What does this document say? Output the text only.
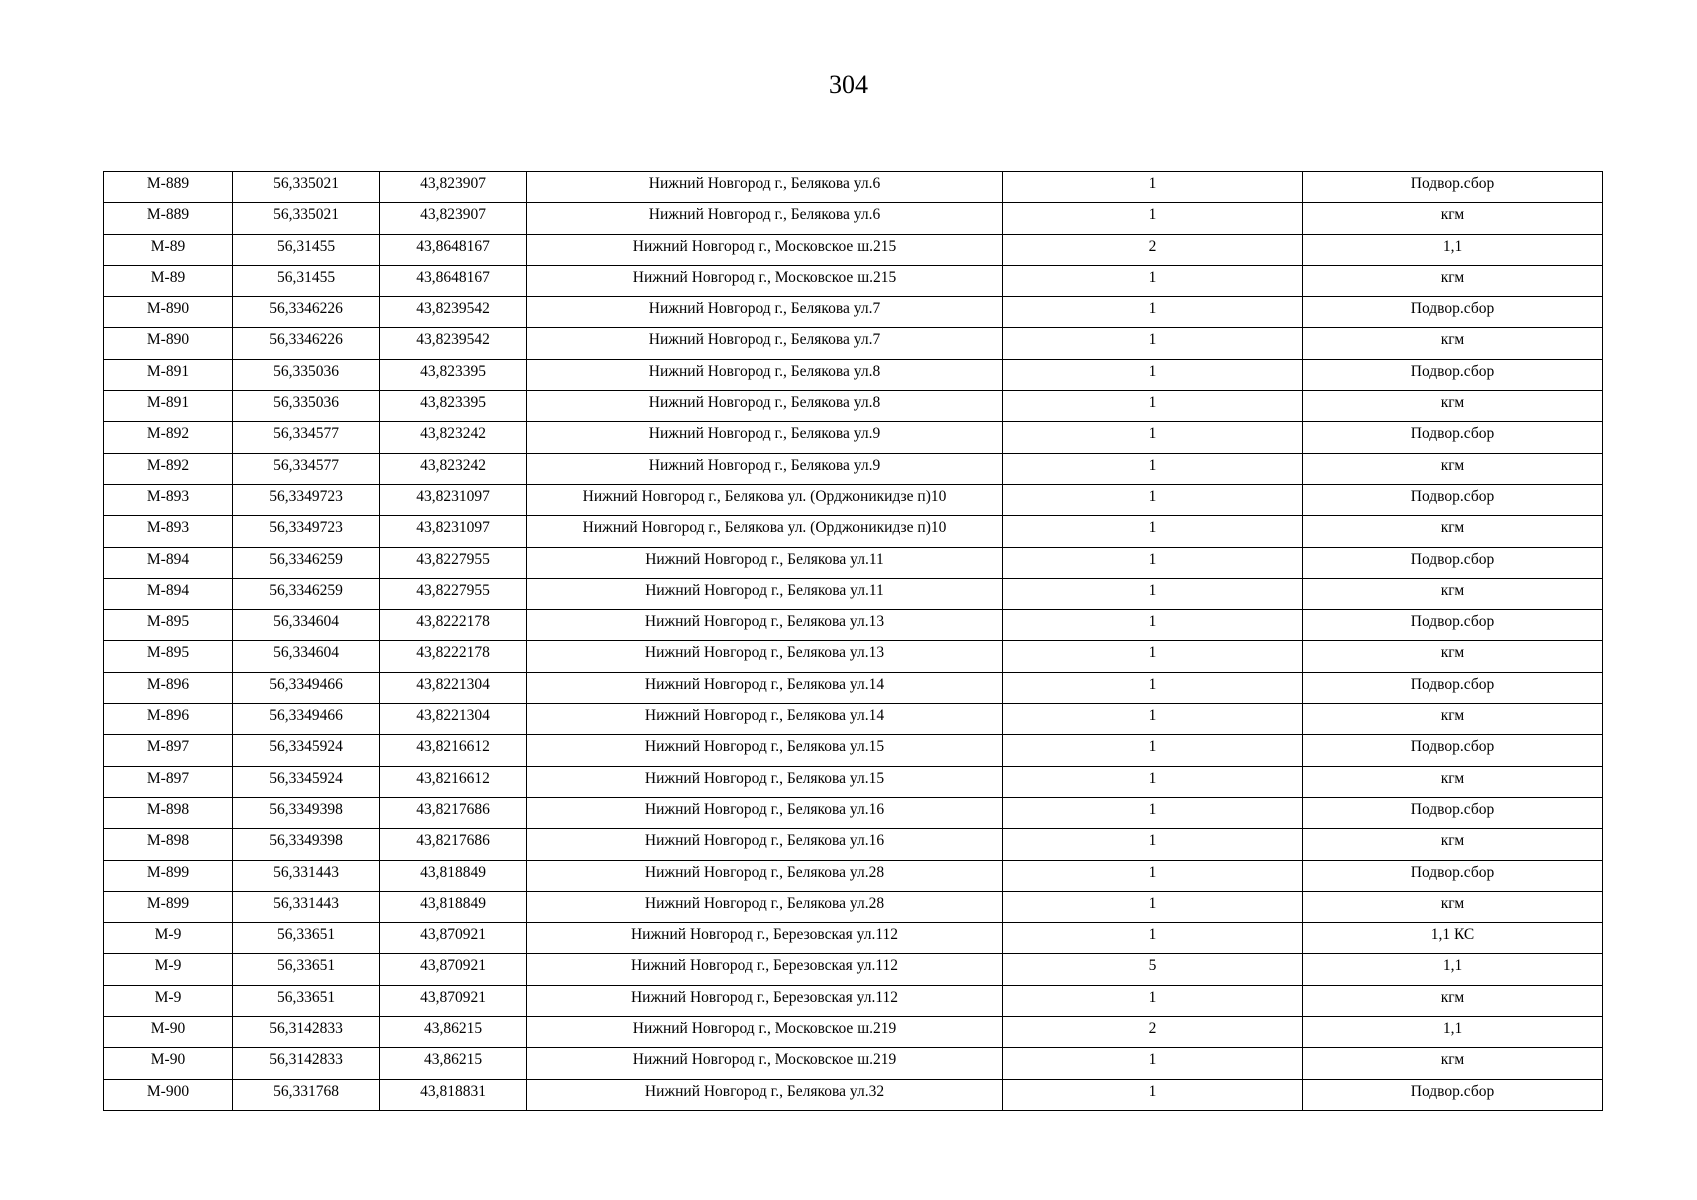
304
М-889	56,335021	43,823907	Нижний Новгород г., Белякова ул.6	1	Подвор.сбор

М-889	56,335021	43,823907	Нижний Новгород г., Белякова ул.6	1	кгм

М-89	56,31455	43,8648167	Нижний Новгород г., Московское ш.215	2	1,1

М-89	56,31455	43,8648167	Нижний Новгород г., Московское ш.215	1	кгм

М-890	56,3346226	43,8239542	Нижний Новгород г., Белякова ул.7	1	Подвор.сбор

М-890	56,3346226	43,8239542	Нижний Новгород г., Белякова ул.7	1	кгм

М-891	56,335036	43,823395	Нижний Новгород г., Белякова ул.8	1	Подвор.сбор

М-891	56,335036	43,823395	Нижний Новгород г., Белякова ул.8	1	кгм

М-892	56,334577	43,823242	Нижний Новгород г., Белякова ул.9	1	Подвор.сбор

М-892	56,334577	43,823242	Нижний Новгород г., Белякова ул.9	1	кгм

М-893	56,3349723	43,8231097	Нижний Новгород г., Белякова ул. (Орджоникидзе п)10	1	Подвор.сбор

М-893	56,3349723	43,8231097	Нижний Новгород г., Белякова ул. (Орджоникидзе п)10	1	кгм

М-894	56,3346259	43,8227955	Нижний Новгород г., Белякова ул.11	1	Подвор.сбор

М-894	56,3346259	43,8227955	Нижний Новгород г., Белякова ул.11	1	кгм

М-895	56,334604	43,8222178	Нижний Новгород г., Белякова ул.13	1	Подвор.сбор

М-895	56,334604	43,8222178	Нижний Новгород г., Белякова ул.13	1	кгм

М-896	56,3349466	43,8221304	Нижний Новгород г., Белякова ул.14	1	Подвор.сбор

М-896	56,3349466	43,8221304	Нижний Новгород г., Белякова ул.14	1	кгм

М-897	56,3345924	43,8216612	Нижний Новгород г., Белякова ул.15	1	Подвор.сбор

М-897	56,3345924	43,8216612	Нижний Новгород г., Белякова ул.15	1	кгм

М-898	56,3349398	43,8217686	Нижний Новгород г., Белякова ул.16	1	Подвор.сбор

М-898	56,3349398	43,8217686	Нижний Новгород г., Белякова ул.16	1	кгм

М-899	56,331443	43,818849	Нижний Новгород г., Белякова ул.28	1	Подвор.сбор

М-899	56,331443	43,818849	Нижний Новгород г., Белякова ул.28	1	кгм

М-9	56,33651	43,870921	Нижний Новгород г., Березовская ул.112	1	1,1 КС

М-9	56,33651	43,870921	Нижний Новгород г., Березовская ул.112	5	1,1

М-9	56,33651	43,870921	Нижний Новгород г., Березовская ул.112	1	кгм

М-90	56,3142833	43,86215	Нижний Новгород г., Московское ш.219	2	1,1

М-90	56,3142833	43,86215	Нижний Новгород г., Московское ш.219	1	кгм

М-900	56,331768	43,818831	Нижний Новгород г., Белякова ул.32	1	Подвор.сбор
